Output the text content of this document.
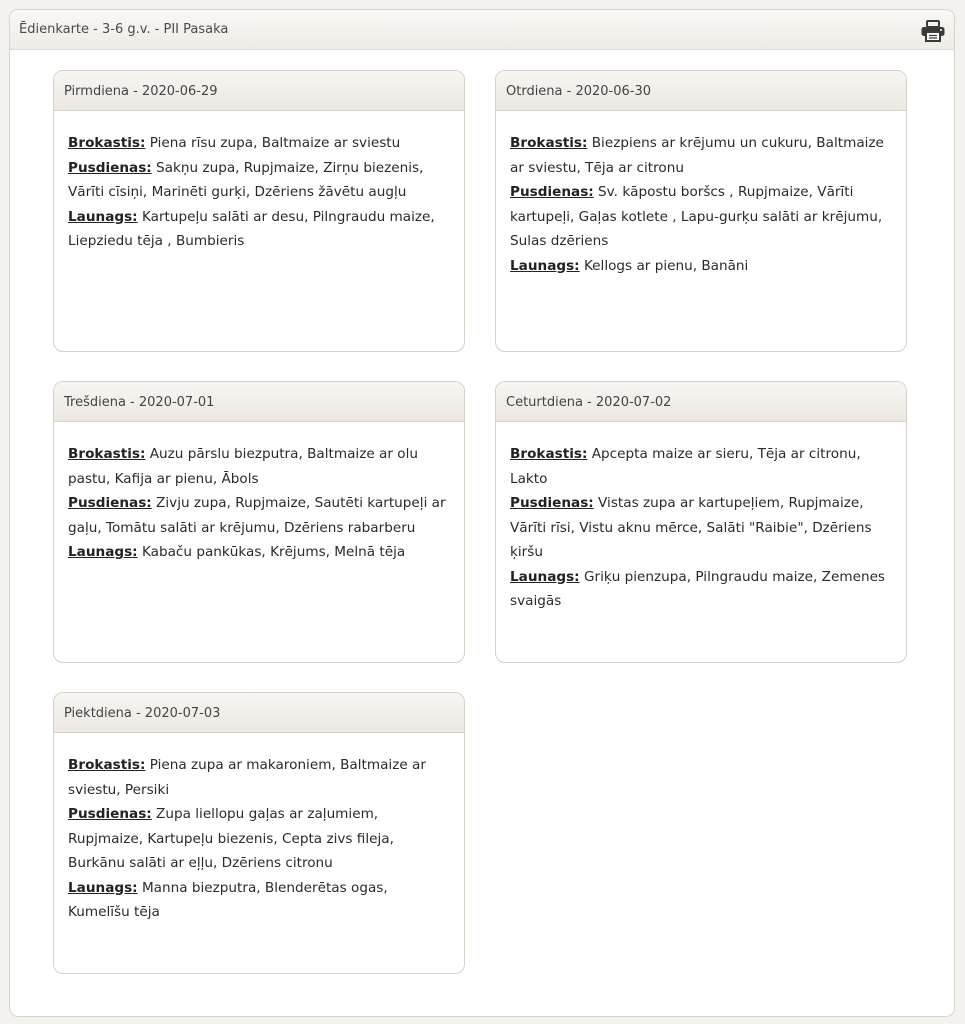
Ēdienkarte - 3-6 g.v. - PII Pasaka
Pirmdiena - 2020-06-29
Brokastis: Piena rīsu zupa, Baltmaize ar sviestu
Pusdienas: Sakņu zupa, Rupjmaize, Zirņu biezenis, Vārīti cīsiņi, Marinēti gurķi, Dzēriens žāvētu augļu
Launags: Kartupeļu salāti ar desu, Pilngraudu maize, Liepziedu tēja , Bumbieris
Otrdiena - 2020-06-30
Brokastis: Biezpiens ar krējumu un cukuru, Baltmaize ar sviestu, Tēja ar citronu
Pusdienas: Sv. kāpostu boršcs , Rupjmaize, Vārīti kartupeļi, Gaļas kotlete , Lapu-gurķu salāti ar krējumu, Sulas dzēriens
Launags: Kellogs ar pienu, Banāni
Trešdiena - 2020-07-01
Brokastis: Auzu pārslu biezputra, Baltmaize ar olu pastu, Kafija ar pienu, Ābols
Pusdienas: Zivju zupa, Rupjmaize, Sautēti kartupeļi ar gaļu, Tomātu salāti ar krējumu, Dzēriens rabarberu
Launags: Kabaču pankūkas, Krējums, Melnā tēja
Ceturtdiena - 2020-07-02
Brokastis: Apcepta maize ar sieru, Tēja ar citronu, Lakto
Pusdienas: Vistas zupa ar kartupeļiem, Rupjmaize, Vārīti rīsi, Vistu aknu mērce, Salāti "Raibie", Dzēriens ķiršu
Launags: Griķu pienzupa, Pilngraudu maize, Zemenes svaigās
Piektdiena - 2020-07-03
Brokastis: Piena zupa ar makaroniem, Baltmaize ar sviestu, Persiki
Pusdienas: Zupa liellopu gaļas ar zaļumiem, Rupjmaize, Kartupeļu biezenis, Cepta zivs fileja, Burkānu salāti ar eļļu, Dzēriens citronu
Launags: Manna biezputra, Blenderētas ogas, Kumelīšu tēja
